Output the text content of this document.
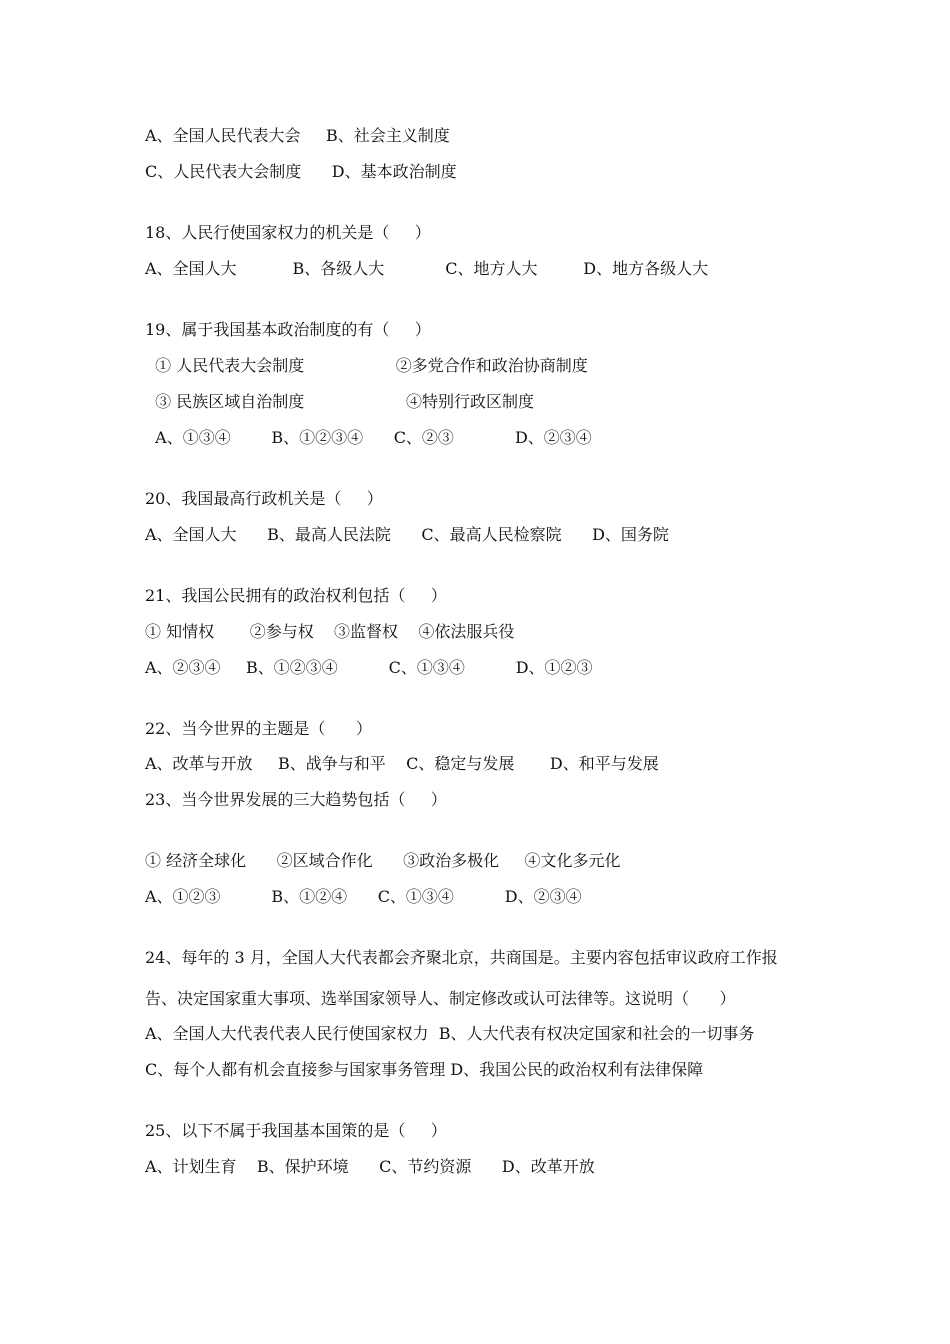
A、全国人民代表大会     B、社会主义制度
C、人民代表大会制度      D、基本政治制度
18、人民行使国家权力的机关是（     ）
A、全国人大           B、各级人大            C、地方人大         D、地方各级人大
19、属于我国基本政治制度的有（     ）
① 人民代表大会制度                  ②多党合作和政治协商制度
③ 民族区域自治制度                    ④特别行政区制度
A、①③④        B、①②③④      C、②③            D、②③④
20、我国最高行政机关是（     ）
A、全国人大      B、最高人民法院      C、最高人民检察院      D、国务院
21、我国公民拥有的政治权利包括（     ）
① 知情权       ②参与权    ③监督权    ④依法服兵役
A、②③④     B、①②③④          C、①③④          D、①②③
22、当今世界的主题是（      ）
A、改革与开放     B、战争与和平    C、稳定与发展       D、和平与发展
23、当今世界发展的三大趋势包括（     ）
① 经济全球化      ②区域合作化      ③政治多极化     ④文化多元化
A、①②③          B、①②④      C、①③④          D、②③④
24、每年的 3 月，全国人大代表都会齐聚北京，共商国是。主要内容包括审议政府工作报
告、决定国家重大事项、选举国家领导人、制定修改或认可法律等。这说明（      ）
A、全国人大代表代表人民行使国家权力  B、人大代表有权决定国家和社会的一切事务
C、每个人都有机会直接参与国家事务管理 D、我国公民的政治权利有法律保障
25、以下不属于我国基本国策的是（     ）
A、计划生育    B、保护环境      C、节约资源      D、改革开放
